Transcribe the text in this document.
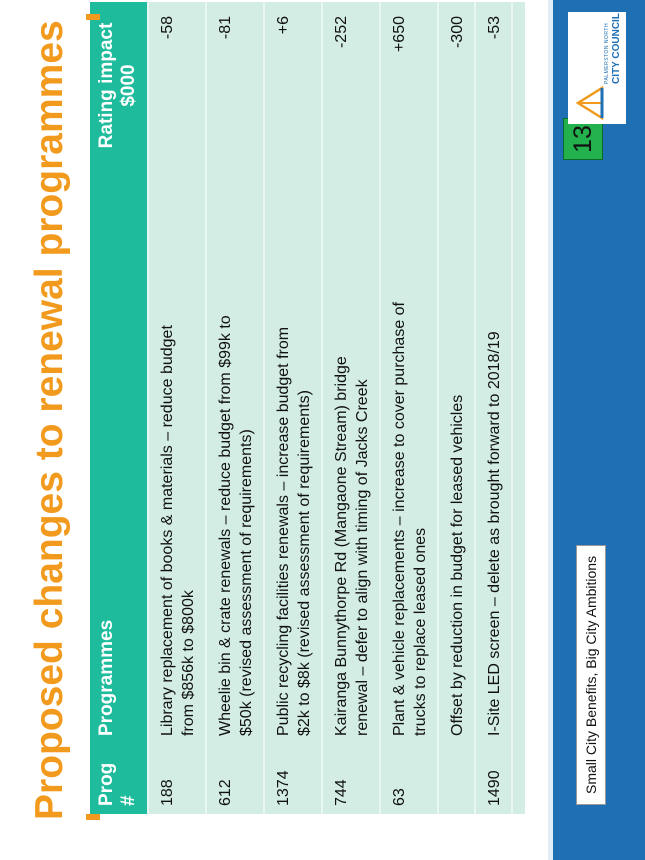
Proposed changes to renewal programmes	Prog #	Programmes	Rating impact $000
188	Library replacement of books & materials – reduce budget from $856k to $800k	-58
612	Wheelie bin & crate renewals – reduce budget from $99k to $50k (revised assessment of requirements)	-81
1374	Public recycling facilities renewals – increase budget from $2k to $8k (revised assessment of requirements)	+6
744	Kairanga Bunnythorpe Rd (Mangaone Stream) bridge renewal – defer to align with timing of Jacks Creek	-252
63	Plant & vehicle replacements – increase to cover purchase of trucks to replace leased ones	+650

	Offset by reduction in budget for leased vehicles	-300
1490	I-Site LED screen – delete as brought forward to 2018/19	-53

Small City Benefits, Big City Ambitions
13
PALMERSTON NORTH CITY COUNCIL
